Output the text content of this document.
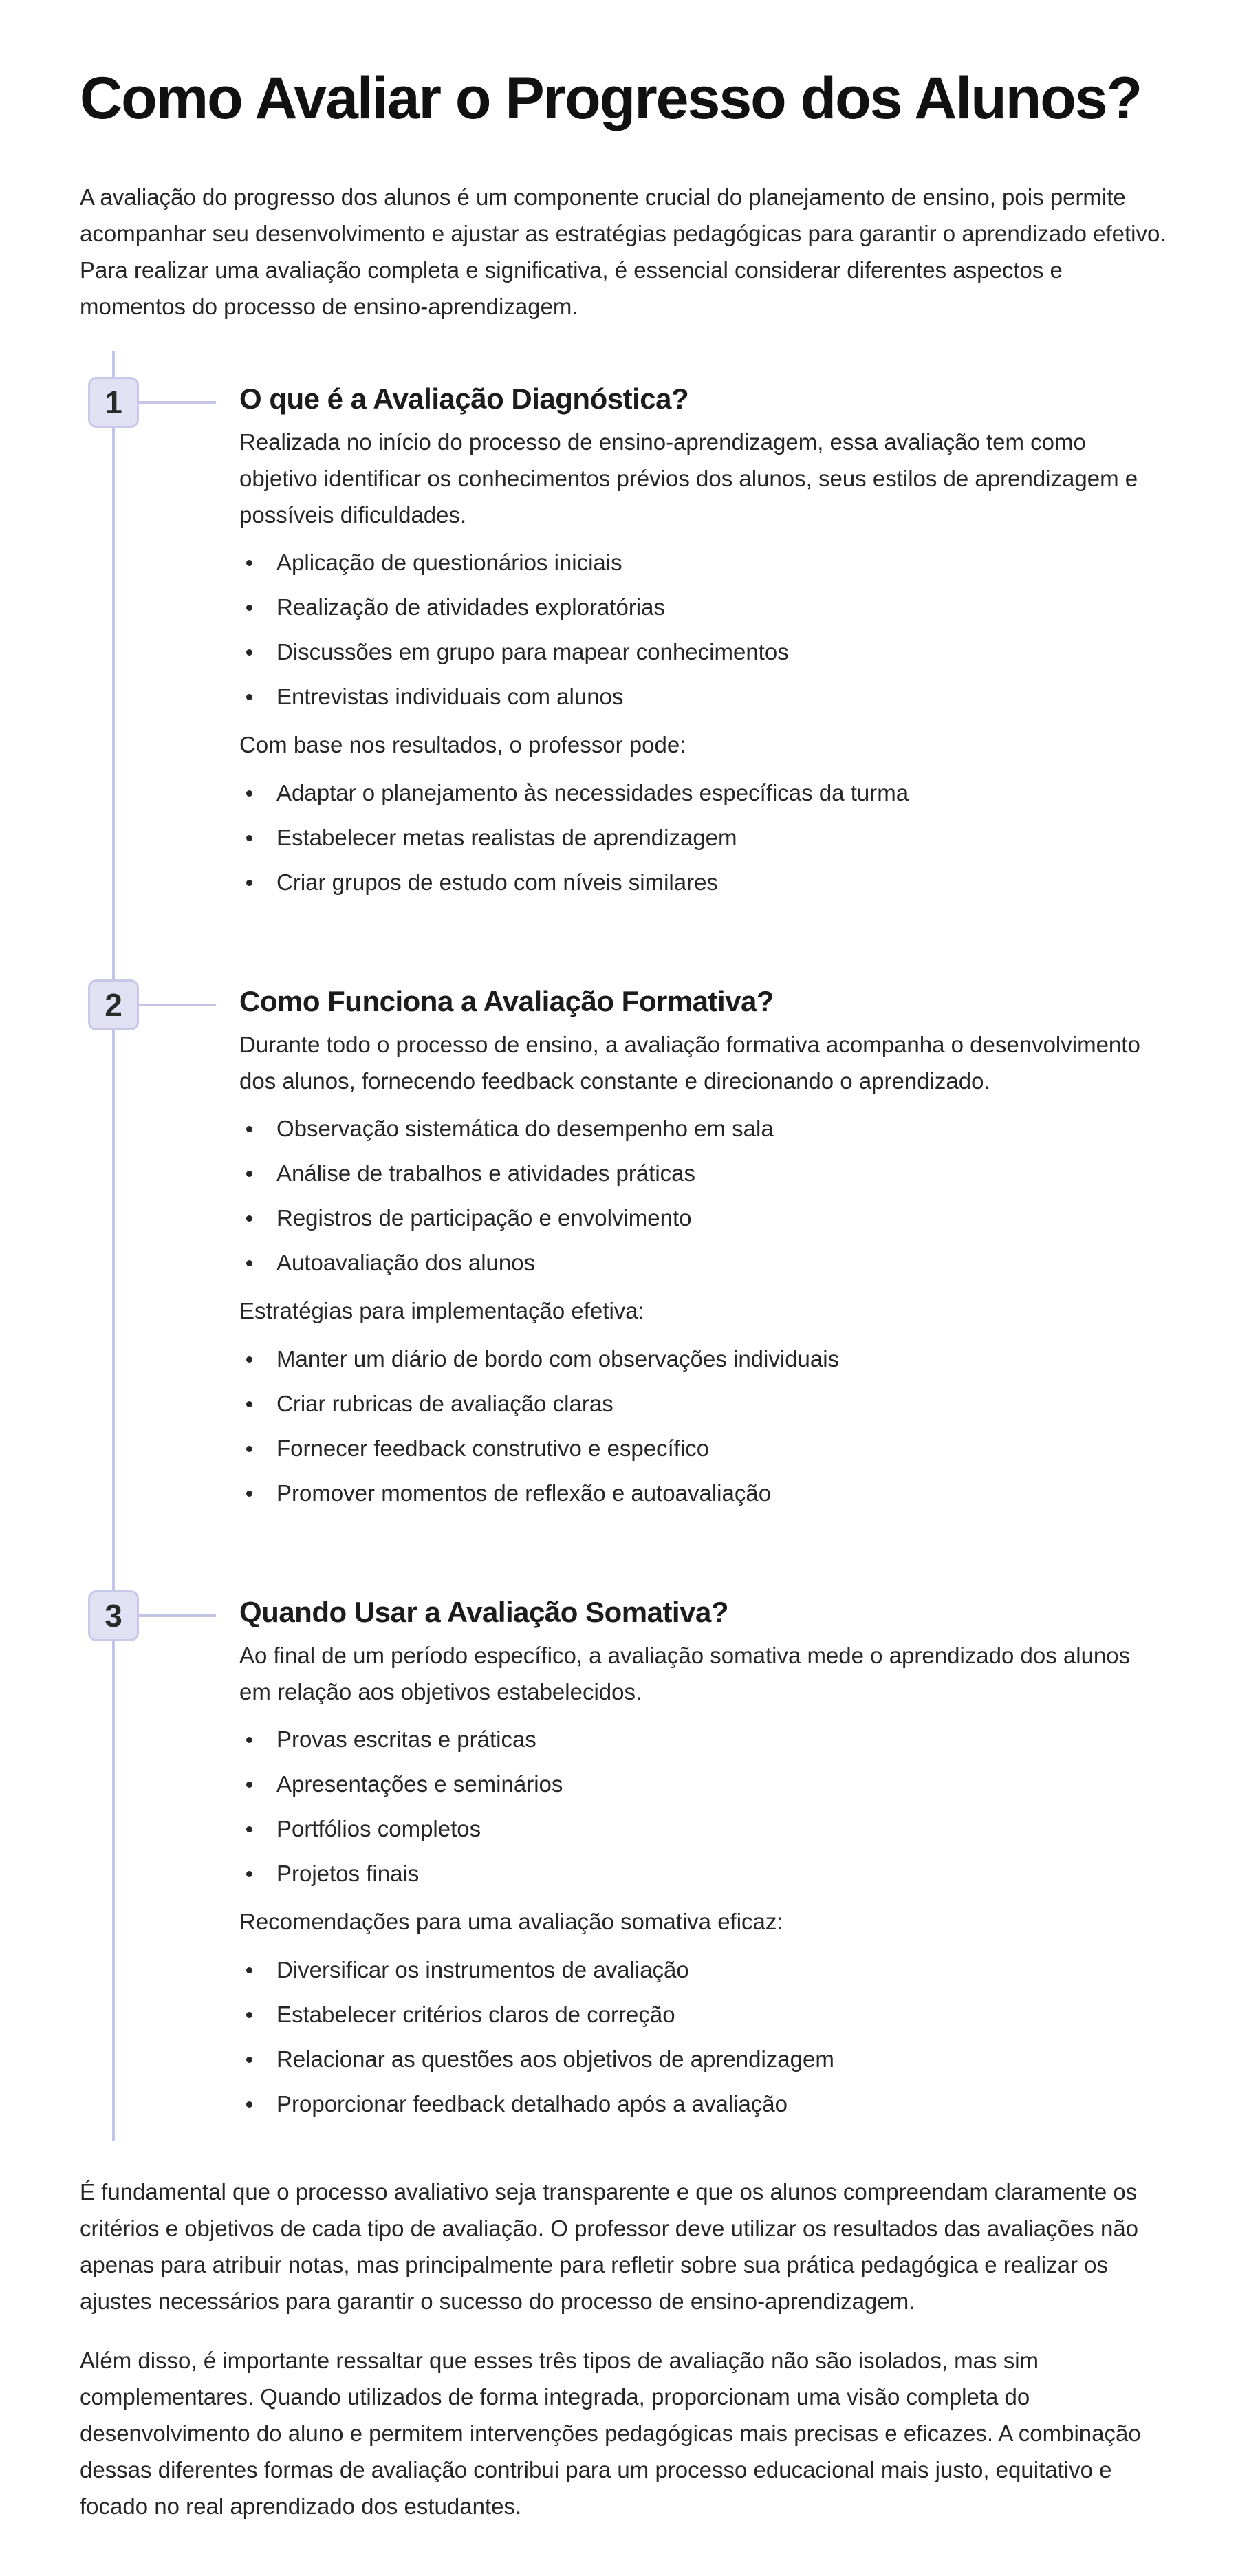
Como Avaliar o Progresso dos Alunos?

A avaliação do progresso dos alunos é um componente crucial do planejamento de ensino, pois permite acompanhar seu desenvolvimento e ajustar as estratégias pedagógicas para garantir o aprendizado efetivo. Para realizar uma avaliação completa e significativa, é essencial considerar diferentes aspectos e momentos do processo de ensino-aprendizagem.

1	O que é a Avaliação Diagnóstica?

Realizada no início do processo de ensino-aprendizagem, essa avaliação tem como objetivo identificar os conhecimentos prévios dos alunos, seus estilos de aprendizagem e possíveis dificuldades.

Aplicação de questionários iniciais
Realização de atividades exploratórias
Discussões em grupo para mapear conhecimentos
Entrevistas individuais com alunos

Com base nos resultados, o professor pode:

Adaptar o planejamento às necessidades específicas da turma
Estabelecer metas realistas de aprendizagem
Criar grupos de estudo com níveis similares
2	Como Funciona a Avaliação Formativa?

Durante todo o processo de ensino, a avaliação formativa acompanha o desenvolvimento dos alunos, fornecendo feedback constante e direcionando o aprendizado.

Observação sistemática do desempenho em sala
Análise de trabalhos e atividades práticas
Registros de participação e envolvimento
Autoavaliação dos alunos

Estratégias para implementação efetiva:

Manter um diário de bordo com observações individuais
Criar rubricas de avaliação claras
Fornecer feedback construtivo e específico
Promover momentos de reflexão e autoavaliação
3	Quando Usar a Avaliação Somativa?

Ao final de um período específico, a avaliação somativa mede o aprendizado dos alunos em relação aos objetivos estabelecidos.

Provas escritas e práticas
Apresentações e seminários
Portfólios completos
Projetos finais

Recomendações para uma avaliação somativa eficaz:

Diversificar os instrumentos de avaliação
Estabelecer critérios claros de correção
Relacionar as questões aos objetivos de aprendizagem
Proporcionar feedback detalhado após a avaliação

É fundamental que o processo avaliativo seja transparente e que os alunos compreendam claramente os critérios e objetivos de cada tipo de avaliação. O professor deve utilizar os resultados das avaliações não apenas para atribuir notas, mas principalmente para refletir sobre sua prática pedagógica e realizar os ajustes necessários para garantir o sucesso do processo de ensino-aprendizagem.

Além disso, é importante ressaltar que esses três tipos de avaliação não são isolados, mas sim complementares. Quando utilizados de forma integrada, proporcionam uma visão completa do desenvolvimento do aluno e permitem intervenções pedagógicas mais precisas e eficazes. A combinação dessas diferentes formas de avaliação contribui para um processo educacional mais justo, equitativo e focado no real aprendizado dos estudantes.
